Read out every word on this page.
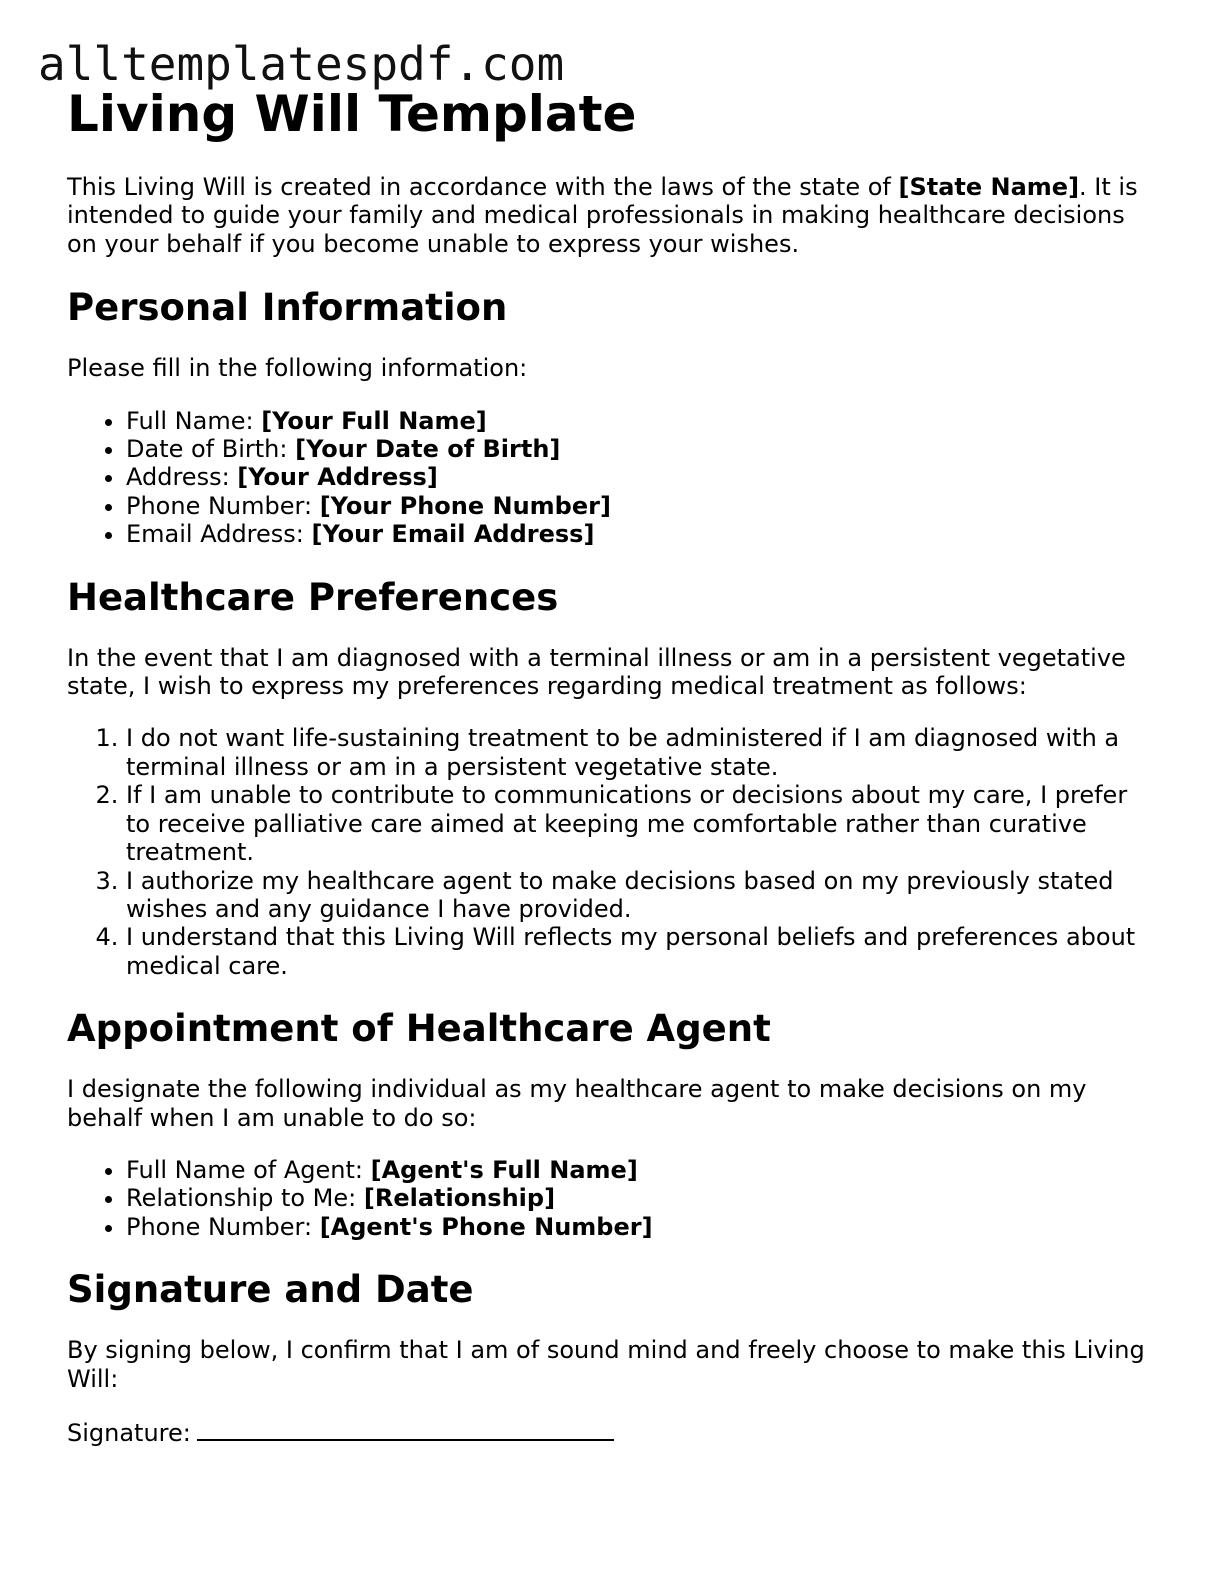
alltemplatespdf.com
Living Will Template

This Living Will is created in accordance with the laws of the state of [State Name]. It is intended to guide your family and medical professionals in making healthcare decisions on your behalf if you become unable to express your wishes.

Personal Information

Please fill in the following information:

• Full Name: [Your Full Name]
• Date of Birth: [Your Date of Birth]
• Address: [Your Address]
• Phone Number: [Your Phone Number]
• Email Address: [Your Email Address]
Healthcare Preferences

In the event that I am diagnosed with a terminal illness or am in a persistent vegetative state, I wish to express my preferences regarding medical treatment as follows:

1. I do not want life-sustaining treatment to be administered if I am diagnosed with a terminal illness or am in a persistent vegetative state.
2. If I am unable to contribute to communications or decisions about my care, I prefer to receive palliative care aimed at keeping me comfortable rather than curative treatment.
3. I authorize my healthcare agent to make decisions based on my previously stated wishes and any guidance I have provided.
4. I understand that this Living Will reflects my personal beliefs and preferences about medical care.
Appointment of Healthcare Agent

I designate the following individual as my healthcare agent to make decisions on my behalf when I am unable to do so:

• Full Name of Agent: [Agent's Full Name]
• Relationship to Me: [Relationship]
• Phone Number: [Agent's Phone Number]
Signature and Date

By signing below, I confirm that I am of sound mind and freely choose to make this Living Will:

Signature:
